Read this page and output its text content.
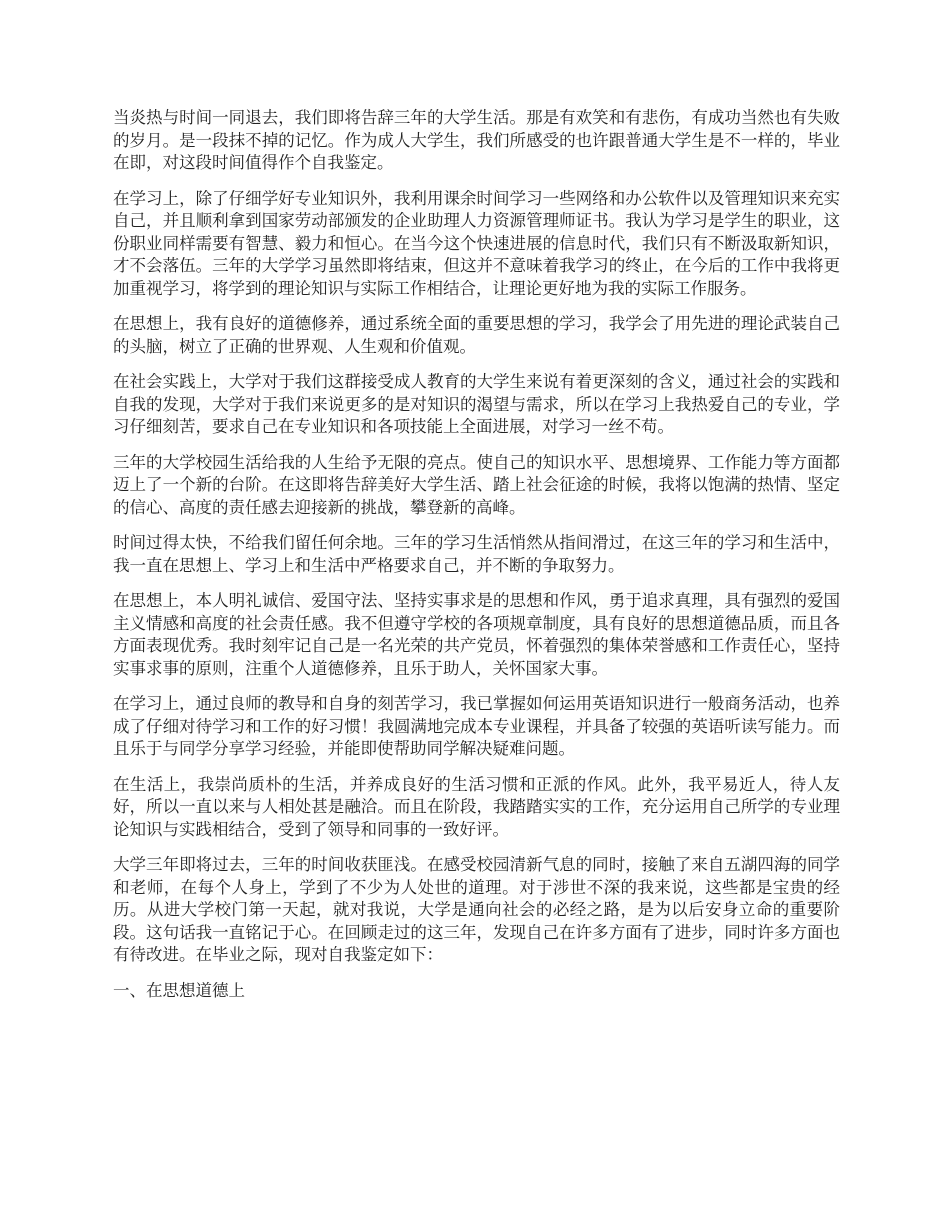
当炎热与时间一同退去，我们即将告辞三年的大学生活。那是有欢笑和有悲伤，有成功当然也有失败的岁月。是一段抹不掉的记忆。作为成人大学生，我们所感受的也许跟普通大学生是不一样的，毕业在即，对这段时间值得作个自我鉴定。

在学习上，除了仔细学好专业知识外，我利用课余时间学习一些网络和办公软件以及管理知识来充实自己，并且顺利拿到国家劳动部颁发的企业助理人力资源管理师证书。我认为学习是学生的职业，这份职业同样需要有智慧、毅力和恒心。在当今这个快速进展的信息时代，我们只有不断汲取新知识，才不会落伍。三年的大学学习虽然即将结束，但这并不意味着我学习的终止，在今后的工作中我将更加重视学习，将学到的理论知识与实际工作相结合，让理论更好地为我的实际工作服务。

在思想上，我有良好的道德修养，通过系统全面的重要思想的学习，我学会了用先进的理论武装自己的头脑，树立了正确的世界观、人生观和价值观。

在社会实践上，大学对于我们这群接受成人教育的大学生来说有着更深刻的含义，通过社会的实践和自我的发现，大学对于我们来说更多的是对知识的渴望与需求，所以在学习上我热爱自己的专业，学习仔细刻苦，要求自己在专业知识和各项技能上全面进展，对学习一丝不苟。

三年的大学校园生活给我的人生给予无限的亮点。使自己的知识水平、思想境界、工作能力等方面都迈上了一个新的台阶。在这即将告辞美好大学生活、踏上社会征途的时候，我将以饱满的热情、坚定的信心、高度的责任感去迎接新的挑战，攀登新的高峰。

时间过得太快，不给我们留任何余地。三年的学习生活悄然从指间滑过，在这三年的学习和生活中，我一直在思想上、学习上和生活中严格要求自己，并不断的争取努力。

在思想上，本人明礼诚信、爱国守法、坚持实事求是的思想和作风，勇于追求真理，具有强烈的爱国主义情感和高度的社会责任感。我不但遵守学校的各项规章制度，具有良好的思想道德品质，而且各方面表现优秀。我时刻牢记自己是一名光荣的共产党员，怀着强烈的集体荣誉感和工作责任心，坚持实事求事的原则，注重个人道德修养，且乐于助人，关怀国家大事。

在学习上，通过良师的教导和自身的刻苦学习，我已掌握如何运用英语知识进行一般商务活动，也养成了仔细对待学习和工作的好习惯！我圆满地完成本专业课程，并具备了较强的英语听读写能力。而且乐于与同学分享学习经验，并能即使帮助同学解决疑难问题。

在生活上，我崇尚质朴的生活，并养成良好的生活习惯和正派的作风。此外，我平易近人，待人友好，所以一直以来与人相处甚是融洽。而且在阶段，我踏踏实实的工作，充分运用自己所学的专业理论知识与实践相结合，受到了领导和同事的一致好评。

大学三年即将过去，三年的时间收获匪浅。在感受校园清新气息的同时，接触了来自五湖四海的同学和老师，在每个人身上，学到了不少为人处世的道理。对于涉世不深的我来说，这些都是宝贵的经历。从进大学校门第一天起，就对我说，大学是通向社会的必经之路，是为以后安身立命的重要阶段。这句话我一直铭记于心。在回顾走过的这三年，发现自己在许多方面有了进步，同时许多方面也有待改进。在毕业之际，现对自我鉴定如下：

一、在思想道德上
